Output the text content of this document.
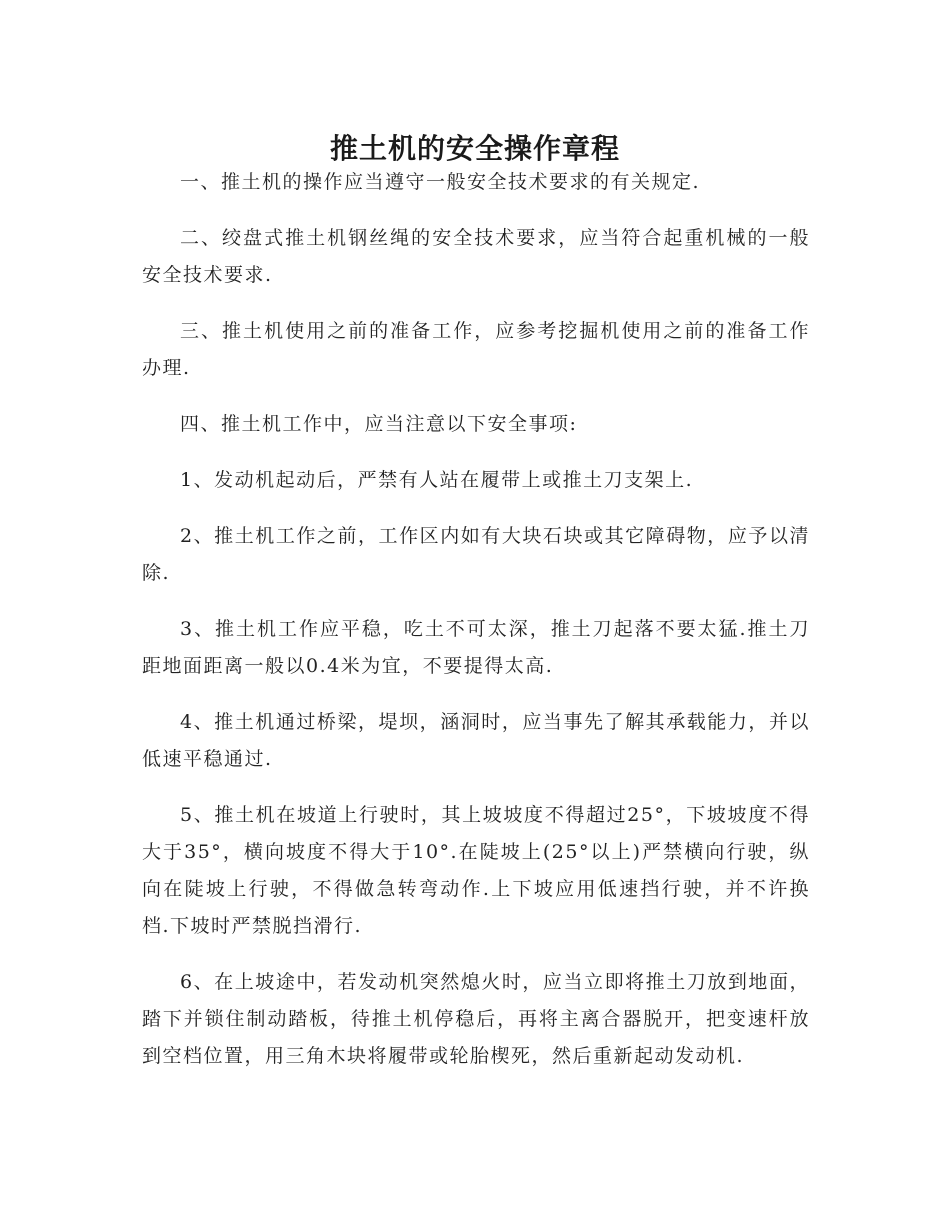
推土机的安全操作章程

一、推土机的操作应当遵守一般安全技术要求的有关规定.

二、绞盘式推土机钢丝绳的安全技术要求，应当符合起重机械的一般安全技术要求.

三、推土机使用之前的准备工作，应参考挖掘机使用之前的准备工作办理.

四、推土机工作中，应当注意以下安全事项:

1、发动机起动后，严禁有人站在履带上或推土刀支架上.

2、推土机工作之前，工作区内如有大块石块或其它障碍物，应予以清除.

3、推土机工作应平稳，吃土不可太深，推土刀起落不要太猛.推土刀距地面距离一般以0.4米为宜，不要提得太高.

4、推土机通过桥梁，堤坝，涵洞时，应当事先了解其承载能力，并以低速平稳通过.

5、推土机在坡道上行驶时，其上坡坡度不得超过25°，下坡坡度不得大于35°，横向坡度不得大于10°.在陡坡上(25°以上)严禁横向行驶，纵向在陡坡上行驶，不得做急转弯动作.上下坡应用低速挡行驶，并不许换档.下坡时严禁脱挡滑行.

6、在上坡途中，若发动机突然熄火时，应当立即将推土刀放到地面，踏下并锁住制动踏板，待推土机停稳后，再将主离合器脱开，把变速杆放到空档位置，用三角木块将履带或轮胎楔死，然后重新起动发动机.
